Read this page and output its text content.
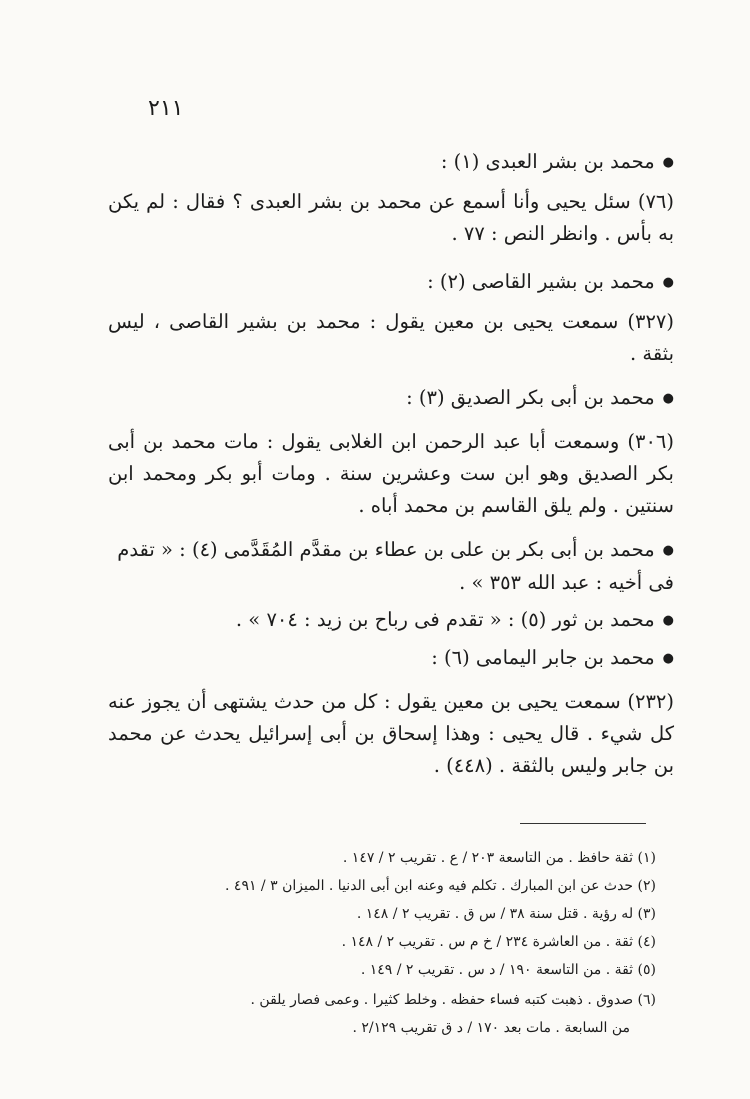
٢١١
● محمد بن بشر العبدى (١) :
(٧٦) سئل يحيى وأنا أسمع عن محمد بن بشر العبدى ؟ فقال : لم يكن به بأس . وانظر النص : ٧٧ .
● محمد بن بشير القاصى (٢) :
(٣٢٧) سمعت يحيى بن معين يقول : محمد بن بشير القاصى ، ليس بثقة .
● محمد بن أبى بكر الصديق (٣) :
(٣٠٦) وسمعت أبا عبد الرحمن ابن الغلابى يقول : مات محمد بن أبى بكر الصديق وهو ابن ست وعشرين سنة . ومات أبو بكر ومحمد ابن سنتين . ولم يلق القاسم بن محمد أباه .
● محمد بن أبى بكر بن على بن عطاء بن مقدَّم المُقَدَّمى (٤) : « تقدم فى أخيه : عبد الله ٣٥٣ » .
● محمد بن ثور (٥) : « تقدم فى رباح بن زيد : ٧٠٤ » .
● محمد بن جابر اليمامى (٦) :
(٢٣٢) سمعت يحيى بن معين يقول : كل من حدث يشتهى أن يجوز عنه كل شيء . قال يحيى : وهذا إسحاق بن أبى إسرائيل يحدث عن محمد بن جابر وليس بالثقة . (٤٤٨) .
(١) ثقة حافظ . من التاسعة ٢٠٣ / ع . تقريب ٢ / ١٤٧ .
(٢) حدث عن ابن المبارك . تكلم فيه وعنه ابن أبى الدنيا . الميزان ٣ / ٤٩١ .
(٣) له رؤية . قتل سنة ٣٨ / س ق . تقريب ٢ / ١٤٨ .
(٤) ثقة . من العاشرة ٢٣٤ / خ م س . تقريب ٢ / ١٤٨ .
(٥) ثقة . من التاسعة ١٩٠ / د س . تقريب ٢ / ١٤٩ .
(٦) صدوق . ذهبت كتبه فساء حفظه . وخلط كثيرا . وعمى فصار يلقن .
من السابعة . مات بعد ١٧٠ / د ق تقريب ٢/١٢٩ .
